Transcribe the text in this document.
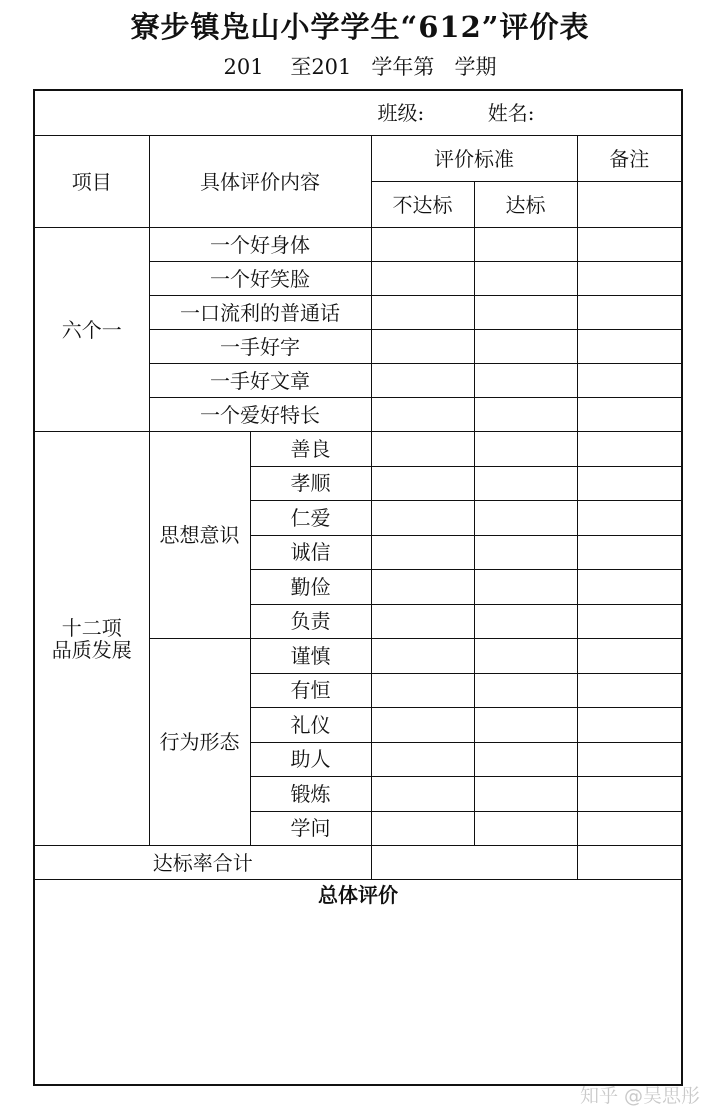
寮步镇凫山小学学生“612”评价表
201    至201   学年第   学期
班级:          姓名:					
项目	具体评价内容		评价标准		备注
			不达标	达标	
六个一	一个好身体				
	一个好笑脸				
	一口流利的普通话				
	一手好字				
	一手好文章				
	一个爱好特长				
十二项
品质发展	思想意识	善良			
		孝顺			
		仁爱			
		诚信			
		勤俭			
		负责			
	行为形态	谨慎			
		有恒			
		礼仪			
		助人			
		锻炼			
		学问			
达标率合计					
总体评价					
知乎 @吴思彤
